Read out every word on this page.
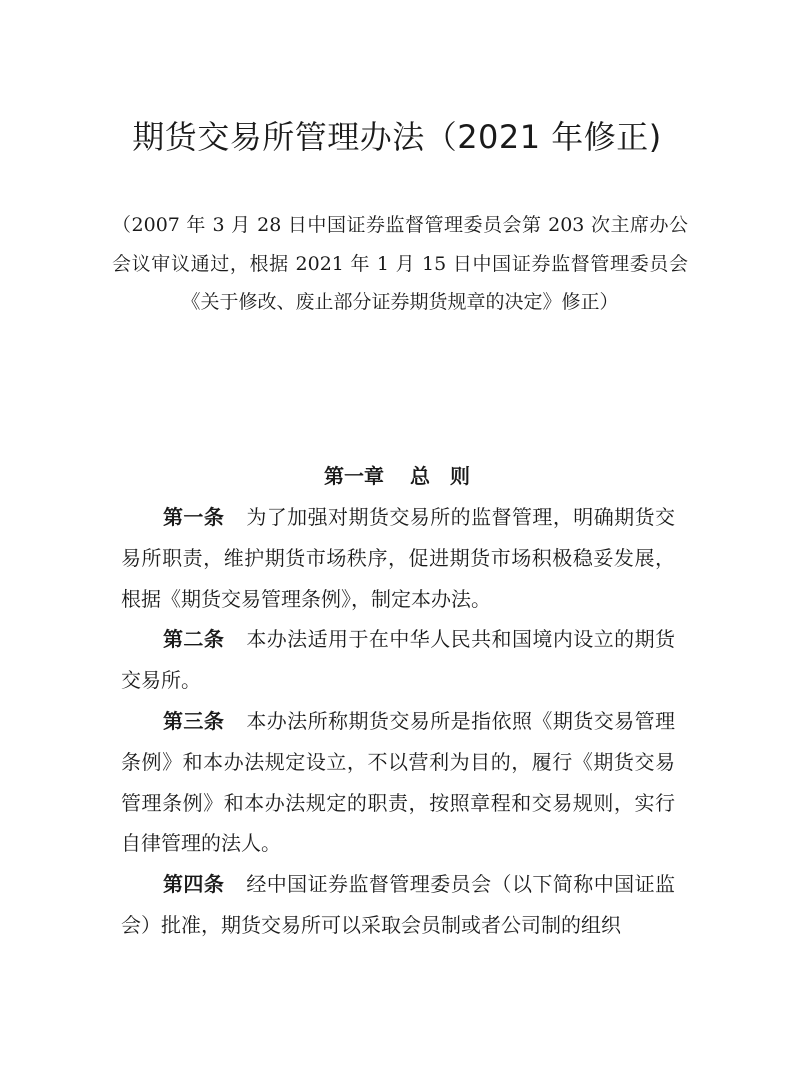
期货交易所管理办法（2021 年修正)
（2007 年 3 月 28 日中国证券监督管理委员会第 203 次主席办公会议审议通过，根据 2021 年 1 月 15 日中国证券监督管理委员会《关于修改、废止部分证券期货规章的决定》修正）
第一章 总　则

第一条 为了加强对期货交易所的监督管理，明确期货交易所职责，维护期货市场秩序，促进期货市场积极稳妥发展，根据《期货交易管理条例》，制定本办法。

第二条 本办法适用于在中华人民共和国境内设立的期货交易所。

第三条 本办法所称期货交易所是指依照《期货交易管理条例》和本办法规定设立，不以营利为目的，履行《期货交易管理条例》和本办法规定的职责，按照章程和交易规则，实行自律管理的法人。

第四条 经中国证券监督管理委员会（以下简称中国证监会）批准，期货交易所可以采取会员制或者公司制的组织
